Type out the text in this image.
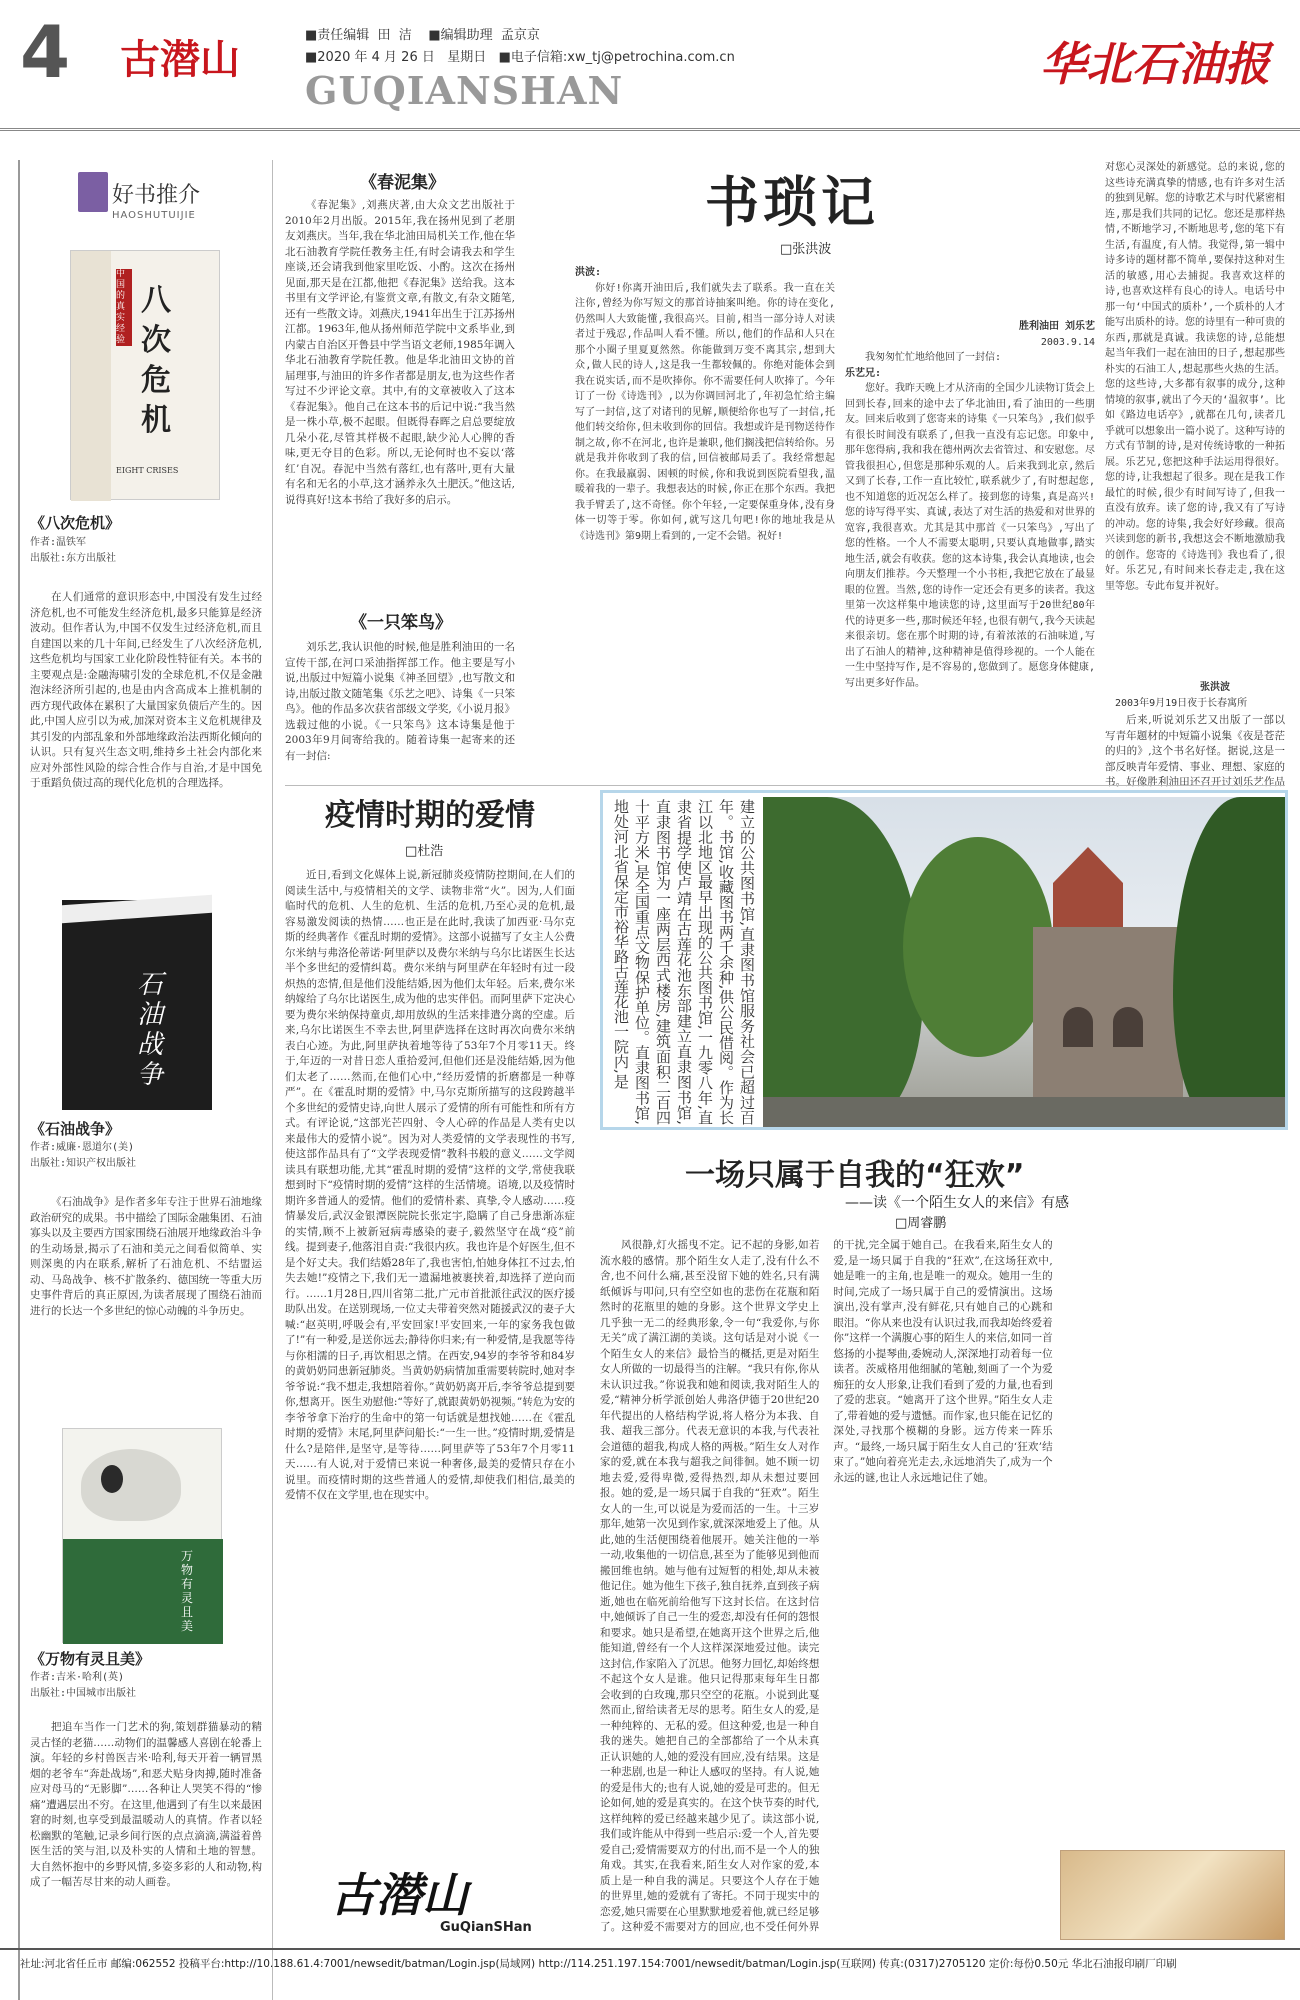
4 古潜山
■责任编辑  田  洁    ■编辑助理  孟京京
■2020 年 4 月 26 日   星期日   ■电子信箱:xw_tj@petrochina.com.cn
GUQIANSHAN	华北石油报
好书推介
HAOSHUTUIJIE
中国的真实经验
八次危机
EIGHT CRISES
《八次危机》
作者:温铁军
出版社:东方出版社

在人们通常的意识形态中,中国没有发生过经济危机,也不可能发生经济危机,最多只能算是经济波动。但作者认为,中国不仅发生过经济危机,而且自建国以来的几十年间,已经发生了八次经济危机,这些危机均与国家工业化阶段性特征有关。本书的主要观点是:金融海啸引发的全球危机,不仅是金融泡沫经济所引起的,也是由内含高成本上推机制的西方现代政体在累积了大量国家负债后产生的。因此,中国人应引以为戒,加深对资本主义危机规律及其引发的内部乱象和外部地缘政治法西斯化倾向的认识。只有复兴生态文明,维持乡土社会内部化来应对外部性风险的综合性合作与自治,才是中国免于重蹈负债过高的现代化危机的合理选择。

石油战争
《石油战争》
作者:威廉·恩道尔(美)
出版社:知识产权出版社

《石油战争》是作者多年专注于世界石油地缘政治研究的成果。书中描绘了国际金融集团、石油寡头以及主要西方国家围绕石油展开地缘政治斗争的生动场景,揭示了石油和美元之间看似简单、实则深奥的内在联系,解析了石油危机、不结盟运动、马岛战争、核不扩散条约、德国统一等重大历史事件背后的真正原因,为读者展现了围绕石油而进行的长达一个多世纪的惊心动魄的斗争历史。

万物有灵且美
《万物有灵且美》
作者:吉米·哈利(英)
出版社:中国城市出版社

把追车当作一门艺术的狗,策划群猫暴动的精灵古怪的老猫……动物们的温馨感人喜剧在轮番上演。年轻的乡村兽医吉米·哈利,每天开着一辆冒黑烟的老爷车“奔赴战场”,和恶犬贴身肉搏,随时准备应对母马的“无影脚”……各种让人哭笑不得的“惨痛”遭遇层出不穷。在这里,他遇到了有生以来最困窘的时刻,也享受到最温暖动人的真情。作者以轻松幽默的笔触,记录乡间行医的点点滴滴,满溢着兽医生活的笑与泪,以及朴实的人情和土地的智慧。大自然怀抱中的乡野风情,多姿多彩的人和动物,构成了一幅苦尽甘来的动人画卷。

《春泥集》

《春泥集》,刘燕庆著,由大众文艺出版社于2010年2月出版。2015年,我在扬州见到了老朋友刘燕庆。当年,我在华北油田局机关工作,他在华北石油教育学院任教务主任,有时会请我去和学生座谈,还会请我到他家里吃饭、小酌。这次在扬州见面,那天是在江都,他把《春泥集》送给我。这本书里有文学评论,有鉴赏文章,有散文,有杂文随笔,还有一些散文诗。刘燕庆,1941年出生于江苏扬州江都。1963年,他从扬州师范学院中文系毕业,到内蒙古自治区开鲁县中学当语文老师,1985年调入华北石油教育学院任教。他是华北油田文协的首届理事,与油田的许多作者都是朋友,也为这些作者写过不少评论文章。其中,有的文章被收入了这本《春泥集》。他自己在这本书的后记中说:“我当然是一株小草,极不起眼。但既得春晖之启总要绽放几朵小花,尽管其样极不起眼,缺少沁人心脾的香味,更无夺目的色彩。所以,无论何时也不妄以‘落红’自况。春泥中当然有落红,也有落叶,更有大量有名和无名的小草,这才涵养永久土肥沃。”他这话,说得真好!这本书给了我好多的启示。

《一只笨鸟》

刘乐艺,我认识他的时候,他是胜利油田的一名宣传干部,在河口采油指挥部工作。他主要是写小说,出版过中短篇小说集《神圣回望》,也写散文和诗,出版过散文随笔集《乐艺之吧》、诗集《一只笨鸟》。他的作品多次获省部级文学奖,《小说月报》选载过他的小说。《一只笨鸟》这本诗集是他于2003年9月间寄给我的。随着诗集一起寄来的还有一封信:

书琐记
□张洪波
洪波:

你好!你离开油田后,我们就失去了联系。我一直在关注你,曾经为你写短文的那首诗抽案叫绝。你的诗在变化,仍然叫人大致能懂,我很高兴。目前,相当一部分诗人对读者过于残忍,作品叫人看不懂。所以,他们的作品和人只在那个小圈子里夏夏然然。你能做到万变不离其宗,想到大众,做人民的诗人,这是我一生都较佩的。你绝对能体会到我在说实话,而不是吹捧你。你不需要任何人吹捧了。今年订了一份《诗选刊》,以为你调回河北了,年初急忙给主编写了一封信,这了对诸刊的见解,顺便给你也写了一封信,托他们转交给你,但未收到你的回信。我想或许是刊物送待作制之故,你不在河北,也许是兼职,他们搁浅把信转给你。另就是我并你收到了我的信,回信被邮局丢了。我经常想起你。在我最羸弱、困顿的时候,你和我说到医院看望我,温暖着我的一辈子。我想表达的时候,你正在那个东西。我把我手臂丢了,这不奇怪。你个年轻,一定要保重身体,没有身体一切等于零。你如何,就写这几句吧!你的地址我是从《诗选刊》第9期上看到的,一定不会错。祝好!

胜利油田 刘乐艺
2003.9.14

我匆匆忙忙地给他回了一封信:

乐艺兄:

您好。我昨天晚上才从济南的全国少儿读物订货会上回到长春,回来的途中去了华北油田,看了油田的一些朋友。回来后收到了您寄来的诗集《一只笨鸟》,我们似乎有很长时间没有联系了,但我一直没有忘记您。印象中,那年您得病,我和我在德州两次去省管过、和安慰您。尽管我很担心,但您是那种乐观的人。后来我到北京,然后又到了长春,工作一直比较忙,联系就少了,有时想起您,也不知道您的近况怎么样了。接到您的诗集,真是高兴!您的诗写得平实、真诚,表达了对生活的热爱和对世界的宽容,我很喜欢。尤其是其中那首《一只笨鸟》,写出了您的性格。一个人不需要太聪明,只要认真地做事,踏实地生活,就会有收获。您的这本诗集,我会认真地读,也会向朋友们推荐。今天整理一个小书柜,我把它放在了最显眼的位置。当然,您的诗作一定还会有更多的读者。我这里第一次这样集中地读您的诗,这里面写于20世纪80年代的诗更多一些,那时候还年轻,也很有朝气,我今天读起来很亲切。您在那个时期的诗,有着浓浓的石油味道,写出了石油人的精神,这种精神是值得珍视的。一个人能在一生中坚持写作,是不容易的,您做到了。愿您身体健康,写出更多好作品。

对您心灵深处的新感觉。总的来说,您的这些诗充满真挚的情感,也有许多对生活的独到见解。您的诗歌艺术与时代紧密相连,那是我们共同的记忆。您还是那样热情,不断地学习,不断地思考,您的笔下有生活,有温度,有人情。我觉得,第一辑中诗多诗的题材都不简单,要保持这种对生活的敏感,用心去捕捉。我喜欢这样的诗,也喜欢这样有良心的诗人。电话号中那一句‘中国式的质朴’,一个质朴的人才能写出质朴的诗。您的诗里有一种可贵的东西,那就是真诚。我读您的诗,总能想起当年我们一起在油田的日子,想起那些朴实的石油工人,想起那些火热的生活。您的这些诗,大多都有叙事的成分,这种情境的叙事,就出了今天的‘温叙事’。比如《路边电话亭》,就都在几句,读者几乎就可以想象出一篇小说了。这种写诗的方式有节制的诗,是对传统诗歌的一种拓展。乐艺兄,您把这种手法运用得很好。您的诗,让我想起了很多。现在是我工作最忙的时候,很少有时间写诗了,但我一直没有放弃。读了您的诗,我又有了写诗的冲动。您的诗集,我会好好珍藏。很高兴读到您的新书,我想这会不断地激励我的创作。您寄的《诗选刊》我也看了,很好。乐艺兄,有时间来长春走走,我在这里等您。专此布复并祝好。

张洪波
2003年9月19日夜于长春寓所

后来,听说刘乐艺又出版了一部以写青年题材的中短篇小说集《夜是苍茫的归的》,这个书名好怪。据说,这是一部反映青年爱情、事业、理想、家庭的书。好像胜利油田还召开过刘乐艺作品

疫情时期的爱情
□杜浩

近日,看到文化媒体上说,新冠肺炎疫情防控期间,在人们的阅读生活中,与疫情相关的文学、读物非常“火”。因为,人们面临时代的危机、人生的危机、生活的危机,乃至心灵的危机,最容易激发阅读的热情……也正是在此时,我读了加西亚·马尔克斯的经典著作《霍乱时期的爱情》。这部小说描写了女主人公费尔米纳与弗洛伦蒂诺·阿里萨以及费尔米纳与乌尔比诺医生长达半个多世纪的爱情纠葛。费尔米纳与阿里萨在年轻时有过一段炽热的恋情,但是他们没能结婚,因为他们太年轻。后来,费尔米纳嫁给了乌尔比诺医生,成为他的忠实伴侣。而阿里萨下定决心要为费尔米纳保持童贞,却用放纵的生活来排遣分离的空虚。后来,乌尔比诺医生不幸去世,阿里萨选择在这时再次向费尔米纳表白心迹。为此,阿里萨执着地等待了53年7个月零11天。终于,年迈的一对昔日恋人重拾爱河,但他们还是没能结婚,因为他们太老了……然而,在他们心中,“经历爱情的折磨都是一种尊严”。在《霍乱时期的爱情》中,马尔克斯所描写的这段跨越半个多世纪的爱情史诗,向世人展示了爱情的所有可能性和所有方式。有评论说,“这部光芒四射、令人心碎的作品是人类有史以来最伟大的爱情小说”。因为对人类爱情的文学表现性的书写,使这部作品具有了“文学表现爱情”教科书般的意义……文学阅读具有联想功能,尤其“霍乱时期的爱情”这样的文学,常使我联想到时下“疫情时期的爱情”这样的生活情境。语境,以及疫情时期许多普通人的爱情。他们的爱情朴素、真挚,令人感动……疫情暴发后,武汉金银潭医院院长张定宇,隐瞒了自己身患渐冻症的实情,顾不上被新冠病毒感染的妻子,毅然坚守在战“疫”前线。提到妻子,他落泪自责:“我很内疚。我也许是个好医生,但不是个好丈夫。我们结婚28年了,我也害怕,怕她身体扛不过去,怕失去她!”疫情之下,我们无一遗漏地被裹挟着,却选择了逆向而行。……1月28日,四川省第二批,广元市首批派往武汉的医疗援助队出发。在送别现场,一位丈夫带着突然对随援武汉的妻子大喊:“赵英明,呼吸会有,平安回家!平安回来,一年的家务我包做了!”有一种爱,是送你远去;静待你归来;有一种爱情,是我愿等待与你相濡的日子,再饮相思之情。在西安,94岁的李爷爷和84岁的黄奶奶同患新冠肺炎。当黄奶奶病情加重需要转院时,她对李爷爷说:“我不想走,我想陪着你。”黄奶奶离开后,李爷爷总提到要你,想离开。医生劝慰他:“等好了,就跟黄奶奶视频。”转危为安的李爷爷拿下治疗的生命中的第一句话就是想找她……在《霍乱时期的爱情》末尾,阿里萨问船长:“一生一世。”疫情时期,爱情是什么?是陪伴,是坚守,是等待……阿里萨等了53年7个月零11天……有人说,对于爱情已来说一种奢侈,最美的爱情只存在小说里。而疫情时期的这些普通人的爱情,却使我们相信,最美的爱情不仅在文学里,也在现实中。

建立的公共图书馆,直隶图书馆服务社会已超过百年。书馆,收藏图书两千余种,供公民借阅。作为长江以北地区最早出现的公共图书馆,一九零八年,直隶省提学使卢靖在古莲花池东部建立直隶图书馆,直隶图书馆为一座两层西式楼房,建筑面积二百四十平方米,是全国重点文物保护单位。直隶图书馆,地处河北省保定市裕华路古莲花池一院内,是
一场只属于自我的“狂欢”
——读《一个陌生女人的来信》有感
□周睿鹏

风很静,灯火摇曳不定。记不起的身影,如若流水般的感情。那个陌生女人走了,没有什么不舍,也不问什么痛,甚至没留下她的姓名,只有满纸倾诉与叩问,只有空空如也的悲伤在花瓶和陌然时的花瓶里的她的身影。这个世界文学史上几乎独一无二的经典形象,令一句“我爱你,与你无关”成了满江湖的美谈。这句话是对小说《一个陌生女人的来信》最恰当的概括,更是对陌生女人所做的一切最得当的注解。“我只有你,你从未认识过我。”你说我和她和阅读,我对陌生人的爱,“精神分析学派创始人弗洛伊德于20世纪20年代提出的人格结构学说,将人格分为本我、自我、超我三部分。代表无意识的本我,与代表社会道德的超我,构成人格的两极。”陌生女人对作家的爱,就在本我与超我之间徘徊。她不顾一切地去爱,爱得卑微,爱得热烈,却从未想过要回报。她的爱,是一场只属于自我的“狂欢”。陌生女人的一生,可以说是为爱而活的一生。十三岁那年,她第一次见到作家,就深深地爱上了他。从此,她的生活便围绕着他展开。她关注他的一举一动,收集他的一切信息,甚至为了能够见到他而搬回维也纳。她与他有过短暂的相处,却从未被他记住。她为他生下孩子,独自抚养,直到孩子病逝,她也在临死前给他写下这封长信。在这封信中,她倾诉了自己一生的爱恋,却没有任何的怨恨和要求。她只是希望,在她离开这个世界之后,他能知道,曾经有一个人这样深深地爱过他。读完这封信,作家陷入了沉思。他努力回忆,却始终想不起这个女人是谁。他只记得那束每年生日都会收到的白玫瑰,那只空空的花瓶。小说到此戛然而止,留给读者无尽的思考。陌生女人的爱,是一种纯粹的、无私的爱。但这种爱,也是一种自我的迷失。她把自己的全部都给了一个从未真正认识她的人,她的爱没有回应,没有结果。这是一种悲剧,也是一种让人感叹的坚持。有人说,她的爱是伟大的;也有人说,她的爱是可悲的。但无论如何,她的爱是真实的。在这个快节奏的时代,这样纯粹的爱已经越来越少见了。读这部小说,我们或许能从中得到一些启示:爱一个人,首先要爱自己;爱情需要双方的付出,而不是一个人的独角戏。其实,在我看来,陌生女人对作家的爱,本质上是一种自我的满足。只要这个人存在于她的世界里,她的爱就有了寄托。不同于现实中的恋爱,她只需要在心里默默地爱着他,就已经足够了。这种爱不需要对方的回应,也不受任何外界的干扰,完全属于她自己。在我看来,陌生女人的爱,是一场只属于自我的“狂欢”,在这场狂欢中,她是唯一的主角,也是唯一的观众。她用一生的时间,完成了一场只属于自己的爱情演出。这场演出,没有掌声,没有鲜花,只有她自己的心跳和眼泪。“你从来也没有认识过我,而我却始终爱着你”这样一个满腹心事的陌生人的来信,如同一首悠扬的小提琴曲,委婉动人,深深地打动着每一位读者。茨威格用他细腻的笔触,刻画了一个为爱痴狂的女人形象,让我们看到了爱的力量,也看到了爱的悲哀。“她离开了这个世界。”陌生女人走了,带着她的爱与遗憾。而作家,也只能在记忆的深处,寻找那个模糊的身影。远方传来一阵乐声。“最终,一场只属于陌生女人自己的‘狂欢’结束了。”她向着亮光走去,永远地消失了,成为一个永远的谜,也让人永远地记住了她。

古潜山
GuQianSHan
社址:河北省任丘市 邮编:062552 投稿平台:http://10.188.61.4:7001/newsedit/batman/Login.jsp(局域网) http://114.251.197.154:7001/newsedit/batman/Login.jsp(互联网) 传真:(0317)2705120 定价:每份0.50元 华北石油报印刷厂印刷
